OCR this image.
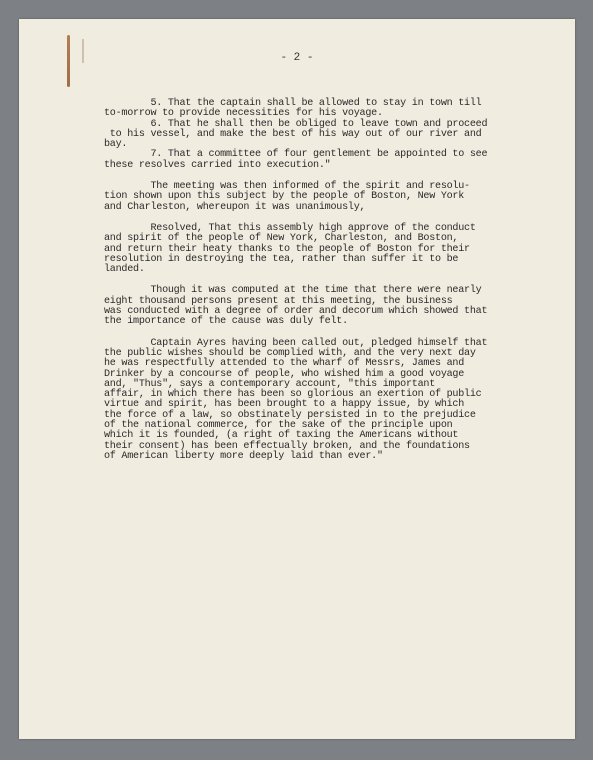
- 2 -
5. That the captain shall be allowed to stay in town till
to-morrow to provide necessities for his voyage.
6. That he shall then be obliged to leave town and proceed
to his vessel, and make the best of his way out of our river and
bay.
7. That a committee of four gentlement be appointed to see
these resolves carried into execution."
The meeting was then informed of the spirit and resolu-
tion shown upon this subject by the people of Boston, New York
and Charleston, whereupon it was unanimously,
Resolved, That this assembly high approve of the conduct
and spirit of the people of New York, Charleston, and Boston,
and return their heaty thanks to the people of Boston for their
resolution in destroying the tea, rather than suffer it to be
landed.
Though it was computed at the time that there were nearly
eight thousand persons present at this meeting, the business
was conducted with a degree of order and decorum which showed that
the importance of the cause was duly felt.
Captain Ayres having been called out, pledged himself that
the public wishes should be complied with, and the very next day
he was respectfully attended to the wharf of Messrs, James and
Drinker by a concourse of people, who wished him a good voyage
and, "Thus", says a contemporary account, "this important
affair, in which there has been so glorious an exertion of public
virtue and spirit, has been brought to a happy issue, by which
the force of a law, so obstinately persisted in to the prejudice
of the national commerce, for the sake of the principle upon
which it is founded, (a right of taxing the Americans without
their consent) has been effectually broken, and the foundations
of American liberty more deeply laid than ever."
